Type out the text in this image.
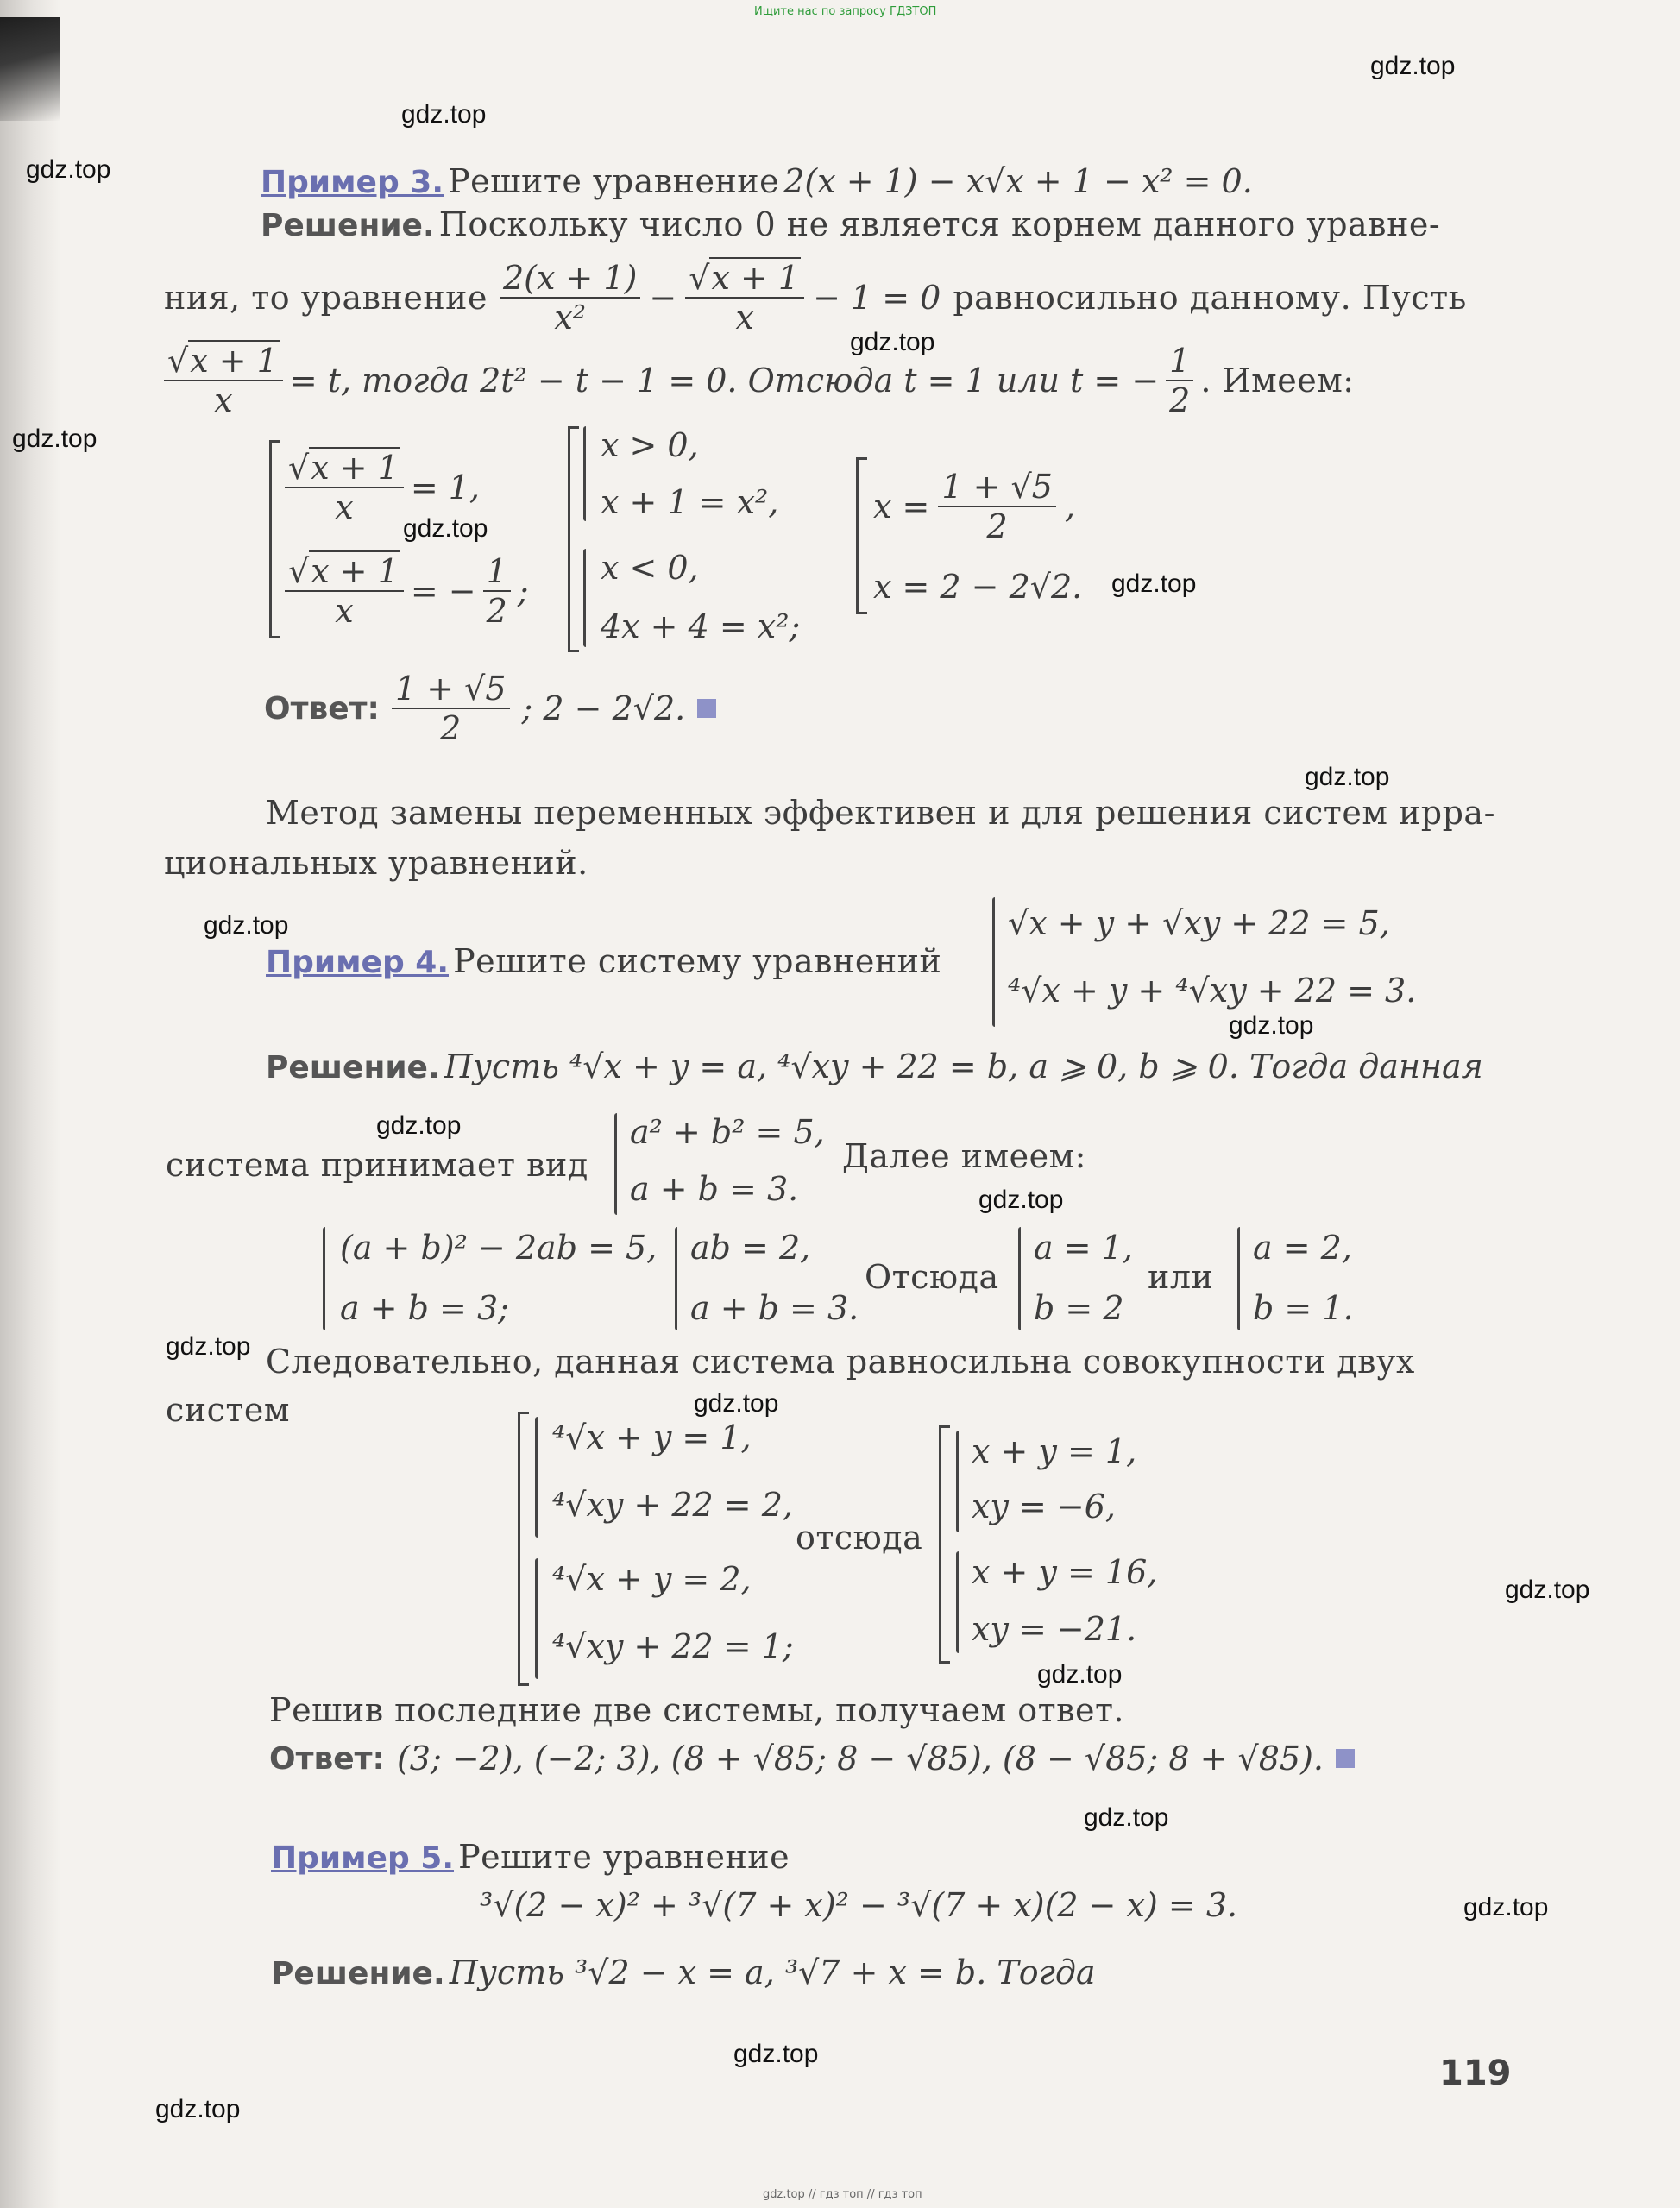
Ищите нас по запросу ГДЗТОП
gdz.top
gdz.top
gdz.top
gdz.top
gdz.top
gdz.top
gdz.top
gdz.top
gdz.top
gdz.top
gdz.top
gdz.top
gdz.top
gdz.top
gdz.top
gdz.top
gdz.top
gdz.top
gdz.top
gdz.top
Пример 3. Решите уравнение 2(x + 1) − x√x + 1 − x² = 0.
Решение. Поскольку число 0 не является корнем данного уравне-
ния, то уравнение $\frac{2(x + 1)}{\text{x²}} - \frac{√x + 1}{x} - 1 = 0$ равносильно данному. Пусть
$\frac{√x + 1}{x} = t$, тогда 2t² − t − 1 = 0. Отсюда t = 1 или t = − $\frac{1}{2}$ . Имеем:
$\frac{√x + 1}{x} = 1$,
$\frac{√x + 1}{x}$ = − $\frac{1}{2}$ ;
x > 0,
x + 1 = x²,
x < 0,
4x + 4 = x²;
$x = \frac{1 + √5}{2}$ ,
x = 2 − 2√2.
Ответ: $\frac{1 + √5}{2}$ ; 2 − 2√2.
Метод замены переменных эффективен и для решения систем ирра-
циональных уравнений.
Пример 4. Решите систему уравнений
√x + y + √xy + 22 = 5,
⁴√x + y + ⁴√xy + 22 = 3.
Решение. Пусть ⁴√x + y = a, ⁴√xy + 22 = b, a ⩾ 0, b ⩾ 0. Тогда данная
система принимает вид
a² + b² = 5,
a + b = 3.
Далее имеем:
(a + b)² − 2ab = 5,
a + b = 3;
ab = 2,
a + b = 3.
Отсюда
a = 1,
b = 2
или
a = 2,
b = 1.
Следовательно, данная система равносильна совокупности двух
систем
⁴√x + y = 1,
⁴√xy + 22 = 2,
⁴√x + y = 2,
⁴√xy + 22 = 1;
отсюда
x + y = 1,
xy = −6,
x + y = 16,
xy = −21.
Решив последние две системы, получаем ответ.
Ответ: (3; −2), (−2; 3), (8 + √85; 8 − √85), (8 − √85; 8 + √85).
Пример 5. Решите уравнение
³√(2 − x)² + ³√(7 + x)² − ³√(7 + x)(2 − x) = 3.
Решение. Пусть ³√2 − x = a, ³√7 + x = b. Тогда
119
gdz.top // гдз топ // гдз топ
